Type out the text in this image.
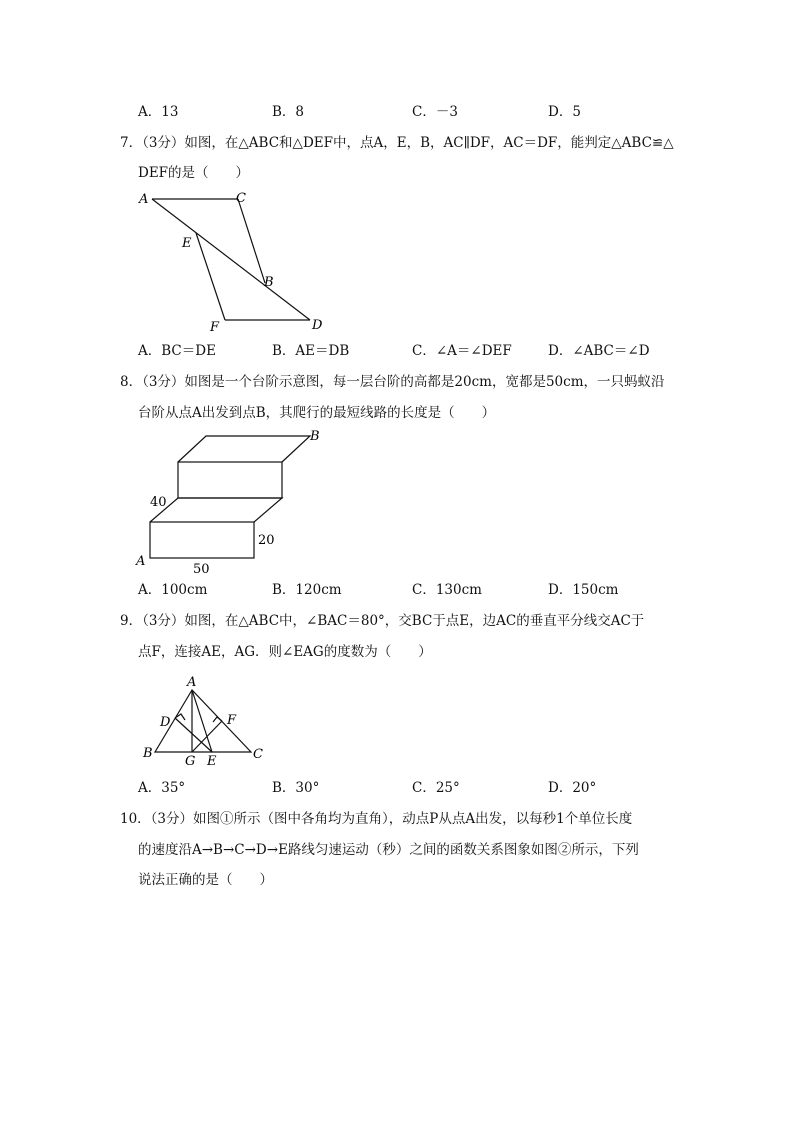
A．13	B．8	C．－3	D．5
7．（3分）如图，在△ABC和△DEF中，点A，E，B，AC∥DF，AC＝DF，能判定△ABC≌△
DEF的是（　　）
A	C
E
B
F	D
A．BC＝DE	B．AE＝DB	C．∠A＝∠DEF	D．∠ABC＝∠D
8．（3分）如图是一个台阶示意图，每一层台阶的高都是20cm，宽都是50cm，一只蚂蚁沿
台阶从点A出发到点B，其爬行的最短线路的长度是（　　）
A
B
40
20
50
A．100cm	B．120cm	C．130cm	D．150cm
9．（3分）如图，在△ABC中，∠BAC＝80°，交BC于点E，边AC的垂直平分线交AC于
点F，连接AE，AG．则∠EAG的度数为（　　）
A
D	F
B
G E	C
A．35°	B．30°	C．25°	D．20°
10．（3分）如图①所示（图中各角均为直角），动点P从点A出发，以每秒1个单位长度
的速度沿A→B→C→D→E路线匀速运动（秒）之间的函数关系图象如图②所示，下列
说法正确的是（　　）
